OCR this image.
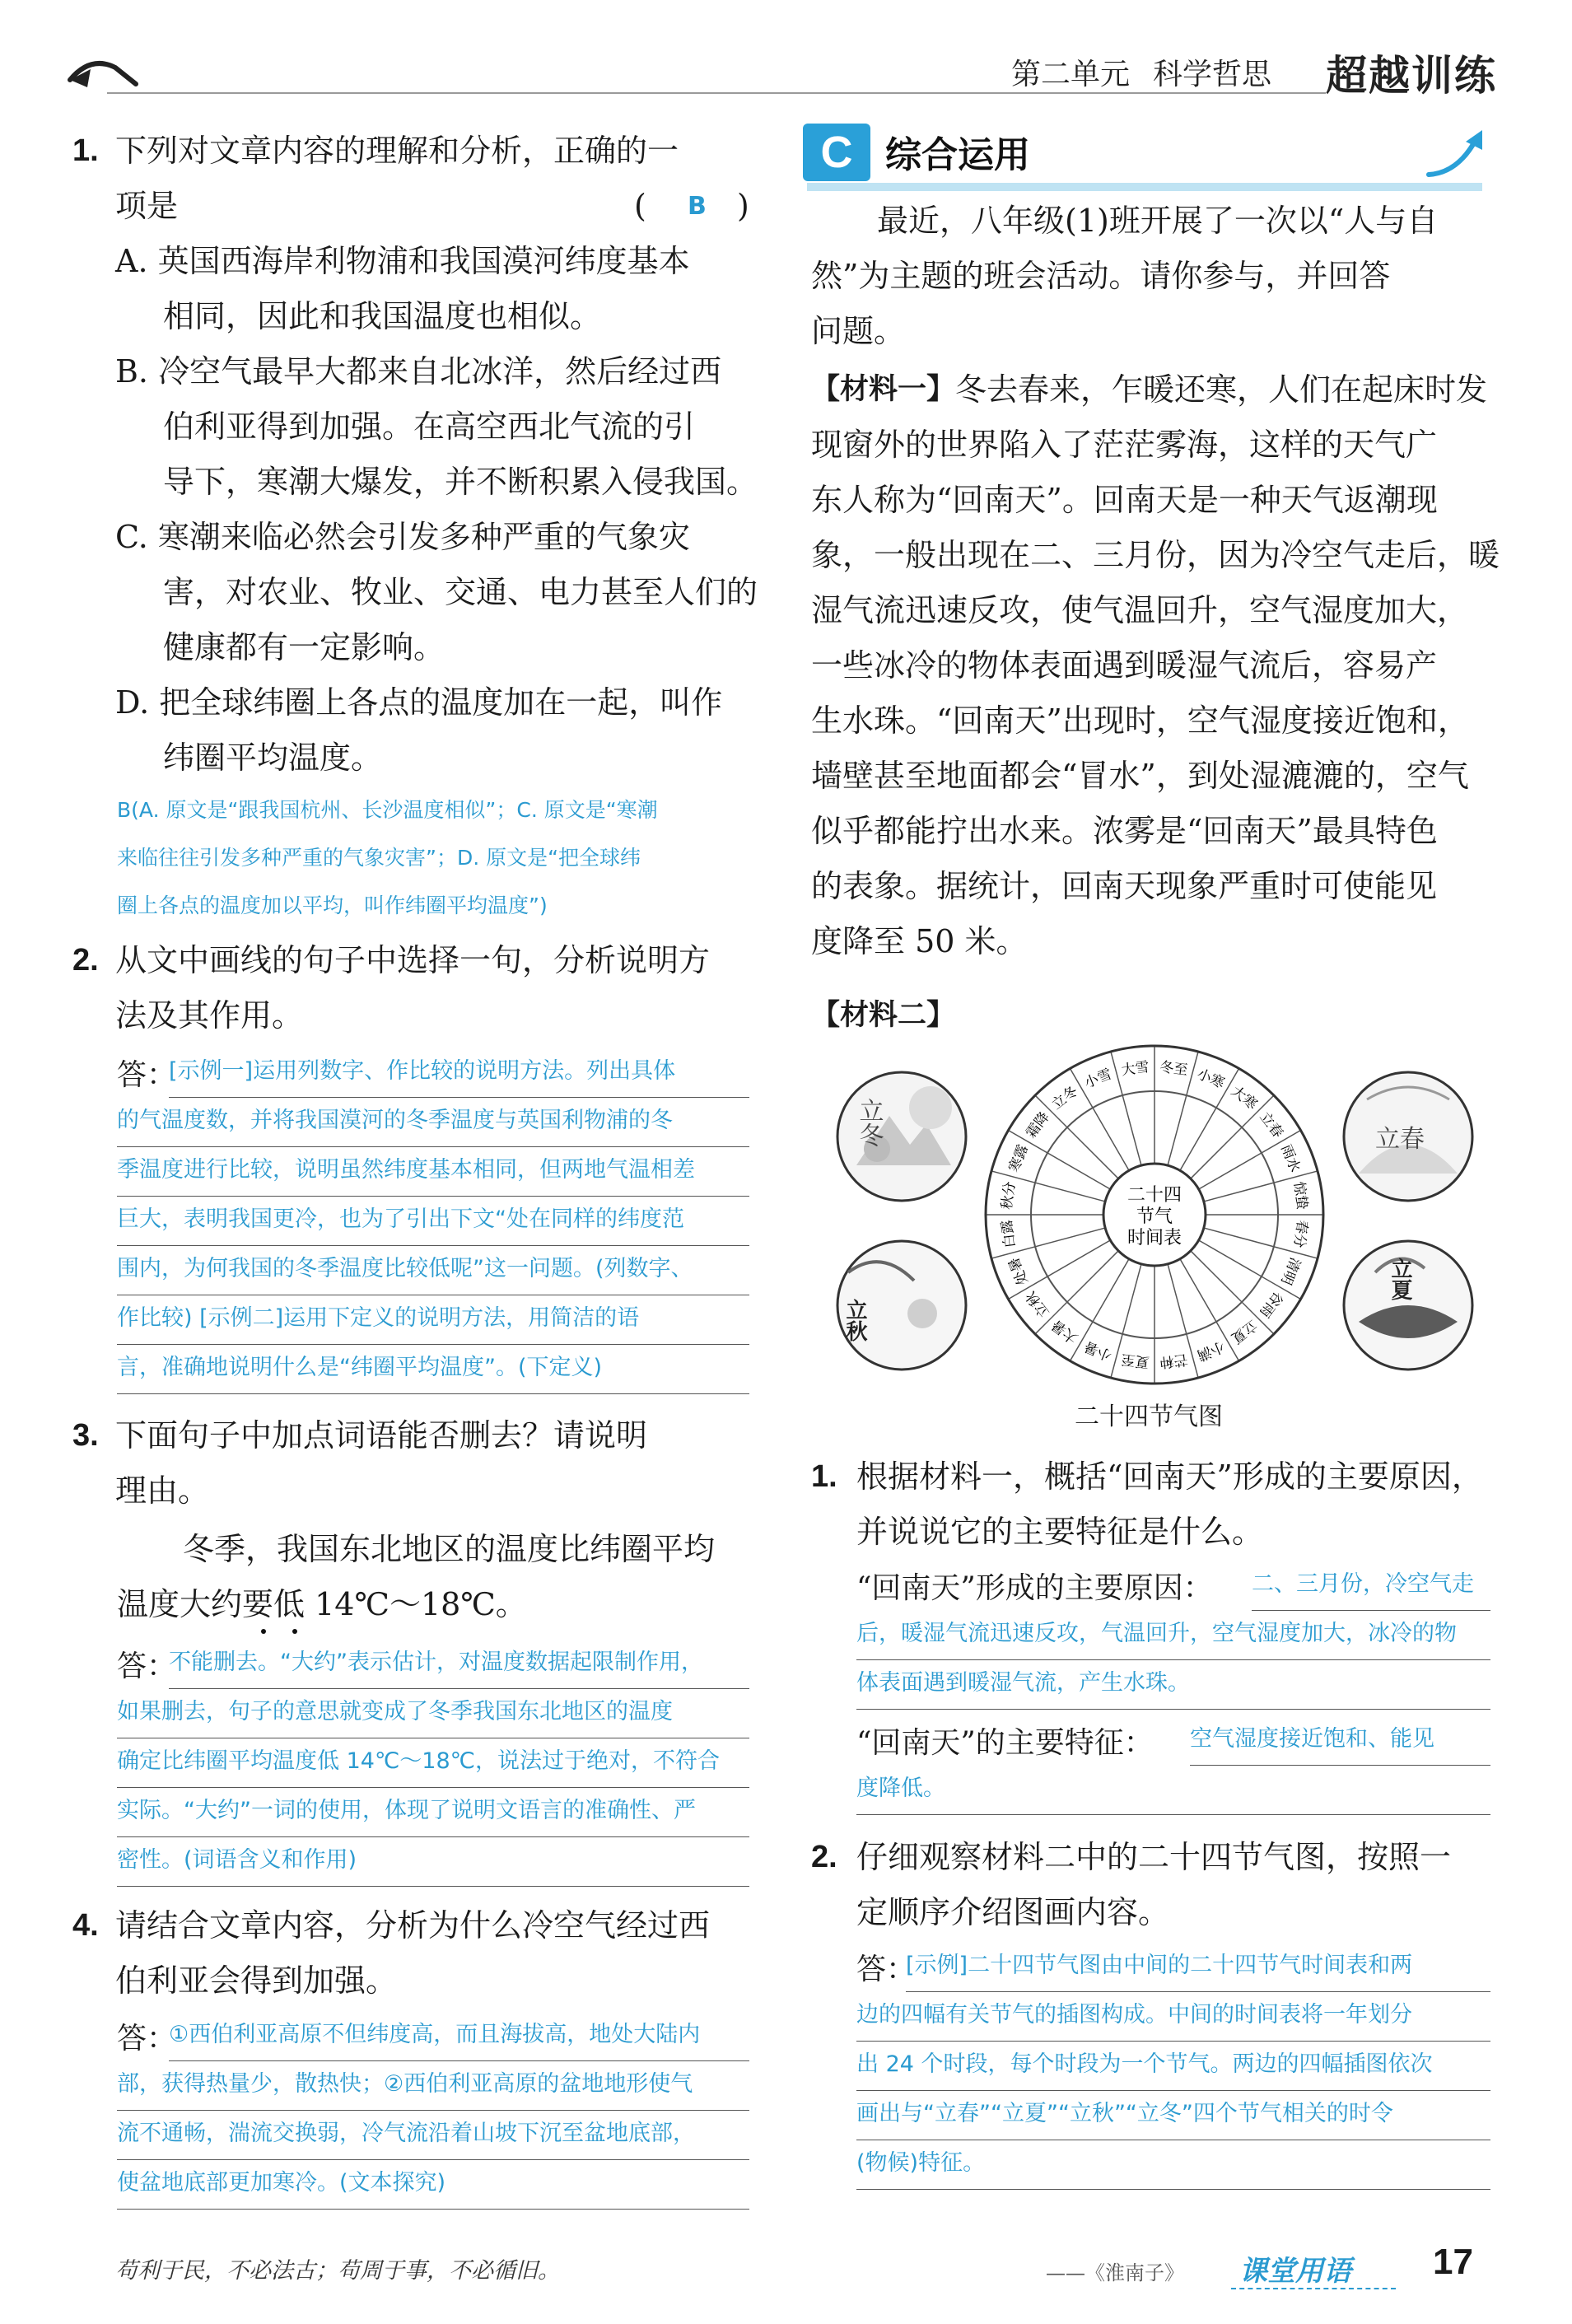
第二单元 科学哲思 超越训练
1. 下列对文章内容的理解和分析，正确的一
项是	( B )
A. 英国西海岸利物浦和我国漠河纬度基本
相同，因此和我国温度也相似。
B. 冷空气最早大都来自北冰洋，然后经过西
伯利亚得到加强。在高空西北气流的引
导下，寒潮大爆发，并不断积累入侵我国。
C. 寒潮来临必然会引发多种严重的气象灾
害，对农业、牧业、交通、电力甚至人们的
健康都有一定影响。
D. 把全球纬圈上各点的温度加在一起，叫作
纬圈平均温度。
B(A. 原文是“跟我国杭州、长沙温度相似”；C. 原文是“寒潮
来临往往引发多种严重的气象灾害”；D. 原文是“把全球纬
圈上各点的温度加以平均，叫作纬圈平均温度”)
2. 从文中画线的句子中选择一句，分析说明方
法及其作用。
答：
[示例一]运用列数字、作比较的说明方法。列出具体
的气温度数，并将我国漠河的冬季温度与英国利物浦的冬
季温度进行比较，说明虽然纬度基本相同，但两地气温相差
巨大，表明我国更冷，也为了引出下文“处在同样的纬度范
围内，为何我国的冬季温度比较低呢”这一问题。(列数字、
作比较) [示例二]运用下定义的说明方法，用简洁的语
言，准确地说明什么是“纬圈平均温度”。(下定义)
3. 下面句子中加点词语能否删去？请说明
理由。
冬季，我国东北地区的温度比纬圈平均
温度大约要低 14℃～18℃。
答：
不能删去。“大约”表示估计，对温度数据起限制作用，
如果删去，句子的意思就变成了冬季我国东北地区的温度
确定比纬圈平均温度低 14℃～18℃，说法过于绝对，不符合
实际。“大约”一词的使用，体现了说明文语言的准确性、严
密性。(词语含义和作用)
4. 请结合文章内容，分析为什么冷空气经过西
伯利亚会得到加强。
答：
①西伯利亚高原不但纬度高，而且海拔高，地处大陆内
部，获得热量少，散热快；②西伯利亚高原的盆地地形使气
流不通畅，湍流交换弱，冷气流沿着山坡下沉至盆地底部，
使盆地底部更加寒冷。(文本探究)
C 综合运用
最近，八年级(1)班开展了一次以“人与自
然”为主题的班会活动。请你参与，并回答
问题。
【材料一】 冬去春来，乍暖还寒，人们在起床时发
现窗外的世界陷入了茫茫雾海，这样的天气广
东人称为“回南天”。回南天是一种天气返潮现
象，一般出现在二、三月份，因为冷空气走后，暖
湿气流迅速反攻，使气温回升，空气湿度加大，
一些冰冷的物体表面遇到暖湿气流后，容易产
生水珠。“回南天”出现时，空气湿度接近饱和，
墙壁甚至地面都会“冒水”，到处湿漉漉的，空气
似乎都能拧出水来。浓雾是“回南天”最具特色
的表象。据统计，回南天现象严重时可使能见
度降至 50 米。
【材料二】
立冬	立春
立秋
立夏
冬至 小寒
大寒
立春
雨水
惊蛰
春分
清明
谷雨
立夏
小满
芒种
夏至
小暑
大暑
立秋
处暑
白露
秋分
寒露
霜降
立冬
小雪 大雪
二十四
节气
时间表
二十四节气图
1. 根据材料一，概括“回南天”形成的主要原因，
并说说它的主要特征是什么。
“回南天”形成的主要原因： 二、三月份，冷空气走
后，暖湿气流迅速反攻，气温回升，空气湿度加大，冰冷的物
体表面遇到暖湿气流，产生水珠。
“回南天”的主要特征： 空气湿度接近饱和、能见
度降低。
2. 仔细观察材料二中的二十四节气图，按照一
定顺序介绍图画内容。
答：
[示例]二十四节气图由中间的二十四节气时间表和两
边的四幅有关节气的插图构成。中间的时间表将一年划分
出 24 个时段，每个时段为一个节气。两边的四幅插图依次
画出与“立春”“立夏”“立秋”“立冬”四个节气相关的时令
(物候)特征。
苟利于民，不必法古；苟周于事，不必循旧。	——《淮南子》 课堂用语 17
